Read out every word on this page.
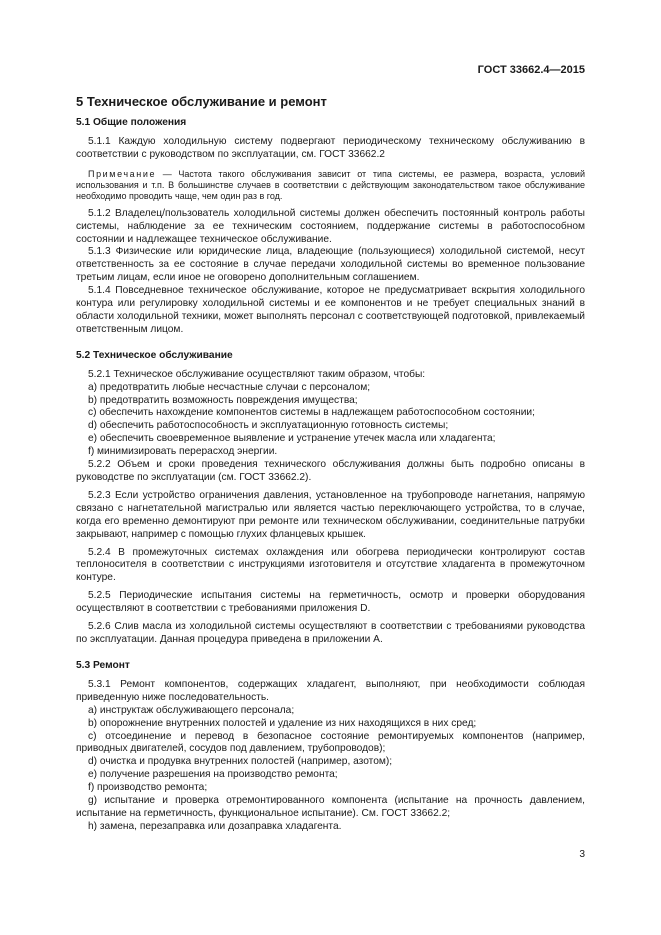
ГОСТ 33662.4—2015
5 Техническое обслуживание и ремонт
5.1 Общие положения

5.1.1 Каждую холодильную систему подвергают периодическому техническому обслуживанию в соответствии с руководством по эксплуатации, см. ГОСТ 33662.2

Примечание — Частота такого обслуживания зависит от типа системы, ее размера, возраста, условий использования и т.п. В большинстве случаев в соответствии с действующим законодательством такое обслуживание необходимо проводить чаще, чем один раз в год.

5.1.2 Владелец/пользователь холодильной системы должен обеспечить постоянный контроль работы системы, наблюдение за ее техническим состоянием, поддержание системы в работоспособном состоянии и надлежащее техническое обслуживание.

5.1.3 Физические или юридические лица, владеющие (пользующиеся) холодильной системой, несут ответственность за ее состояние в случае передачи холодильной системы во временное пользование третьим лицам, если иное не оговорено дополнительным соглашением.

5.1.4 Повседневное техническое обслуживание, которое не предусматривает вскрытия холодильного контура или регулировку холодильной системы и ее компонентов и не требует специальных знаний в области холодильной техники, может выполнять персонал с соответствующей подготовкой, привлекаемый ответственным лицом.

5.2 Техническое обслуживание

5.2.1 Техническое обслуживание осуществляют таким образом, чтобы:

а) предотвратить любые несчастные случаи с персоналом;

b) предотвратить возможность повреждения имущества;

с) обеспечить нахождение компонентов системы в надлежащем работоспособном состоянии;

d) обеспечить работоспособность и эксплуатационную готовность системы;

е) обеспечить своевременное выявление и устранение утечек масла или хладагента;

f) минимизировать перерасход энергии.

5.2.2 Объем и сроки проведения технического обслуживания должны быть подробно описаны в руководстве по эксплуатации (см. ГОСТ 33662.2).

5.2.3 Если устройство ограничения давления, установленное на трубопроводе нагнетания, напрямую связано с нагнетательной магистралью или является частью переключающего устройства, то в случае, когда его временно демонтируют при ремонте или техническом обслуживании, соединительные патрубки закрывают, например с помощью глухих фланцевых крышек.

5.2.4 В промежуточных системах охлаждения или обогрева периодически контролируют состав теплоносителя в соответствии с инструкциями изготовителя и отсутствие хладагента в промежуточном контуре.

5.2.5 Периодические испытания системы на герметичность, осмотр и проверки оборудования осуществляют в соответствии с требованиями приложения D.

5.2.6 Слив масла из холодильной системы осуществляют в соответствии с требованиями руководства по эксплуатации. Данная процедура приведена в приложении А.

5.3 Ремонт

5.3.1 Ремонт компонентов, содержащих хладагент, выполняют, при необходимости соблюдая приведенную ниже последовательность.

а) инструктаж обслуживающего персонала;

b) опорожнение внутренних полостей и удаление из них находящихся в них сред;

с) отсоединение и перевод в безопасное состояние ремонтируемых компонентов (например, приводных двигателей, сосудов под давлением, трубопроводов);

d) очистка и продувка внутренних полостей (например, азотом);

е) получение разрешения на производство ремонта;

f) производство ремонта;

g) испытание и проверка отремонтированного компонента (испытание на прочность давлением, испытание на герметичность, функциональное испытание). См. ГОСТ 33662.2;

h) замена, перезаправка или дозаправка хладагента.

3
